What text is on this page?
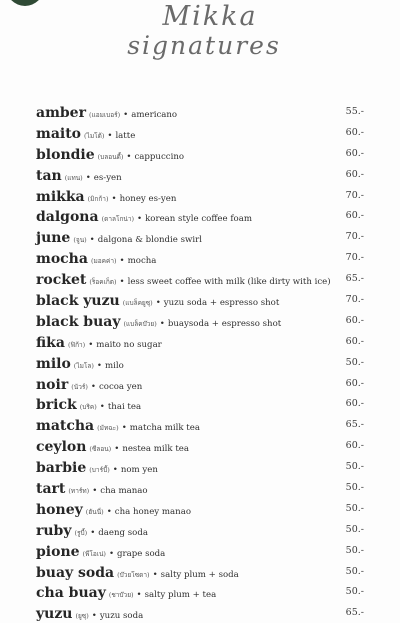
Mikka
signatures
amber (แอมเบอร์) • americano	55.-
maito (ไมโต้) • latte	60.-
blondie (บลอนดี้) • cappuccino	60.-
tan (แทน) • es-yen	60.-
mikka (มิกก้า) • honey es-yen	70.-
dalgona (ดาลโกน่า) • korean style coffee foam	60.-
june (จูน) • dalgona & blondie swirl	70.-
mocha (มอคค่า) • mocha	70.-
rocket (ร็อคเก็ต) • less sweet coffee with milk (like dirty with ice) 65.-
black yuzu (แบล็คยูซุ) • yuzu soda + espresso shot	70.-
black buay (แบล็คบ๊วย) • buaysoda + espresso shot	60.-
fika (ฟิก้า) • maito no sugar	60.-
milo (ไมโล) • milo	50.-
noir (นัวร์) • cocoa yen	60.-
brick (บริค) • thai tea	60.-
matcha (มัทฉะ) • matcha milk tea	65.-
ceylon (ซีลอน) • nestea milk tea	60.-
barbie (บาร์บี้) • nom yen	50.-
tart (ทาร์ท) • cha manao	50.-
honey (ฮันนี่) • cha honey manao	50.-
ruby (รูบี้) • daeng soda	50.-
pione (พีโอเน่) • grape soda	50.-
buay soda (บ๊วยโซดา) • salty plum + soda	50.-
cha buay (ชาบ๊วย) • salty plum + tea	50.-
yuzu (ยูซุ) • yuzu soda	65.-
